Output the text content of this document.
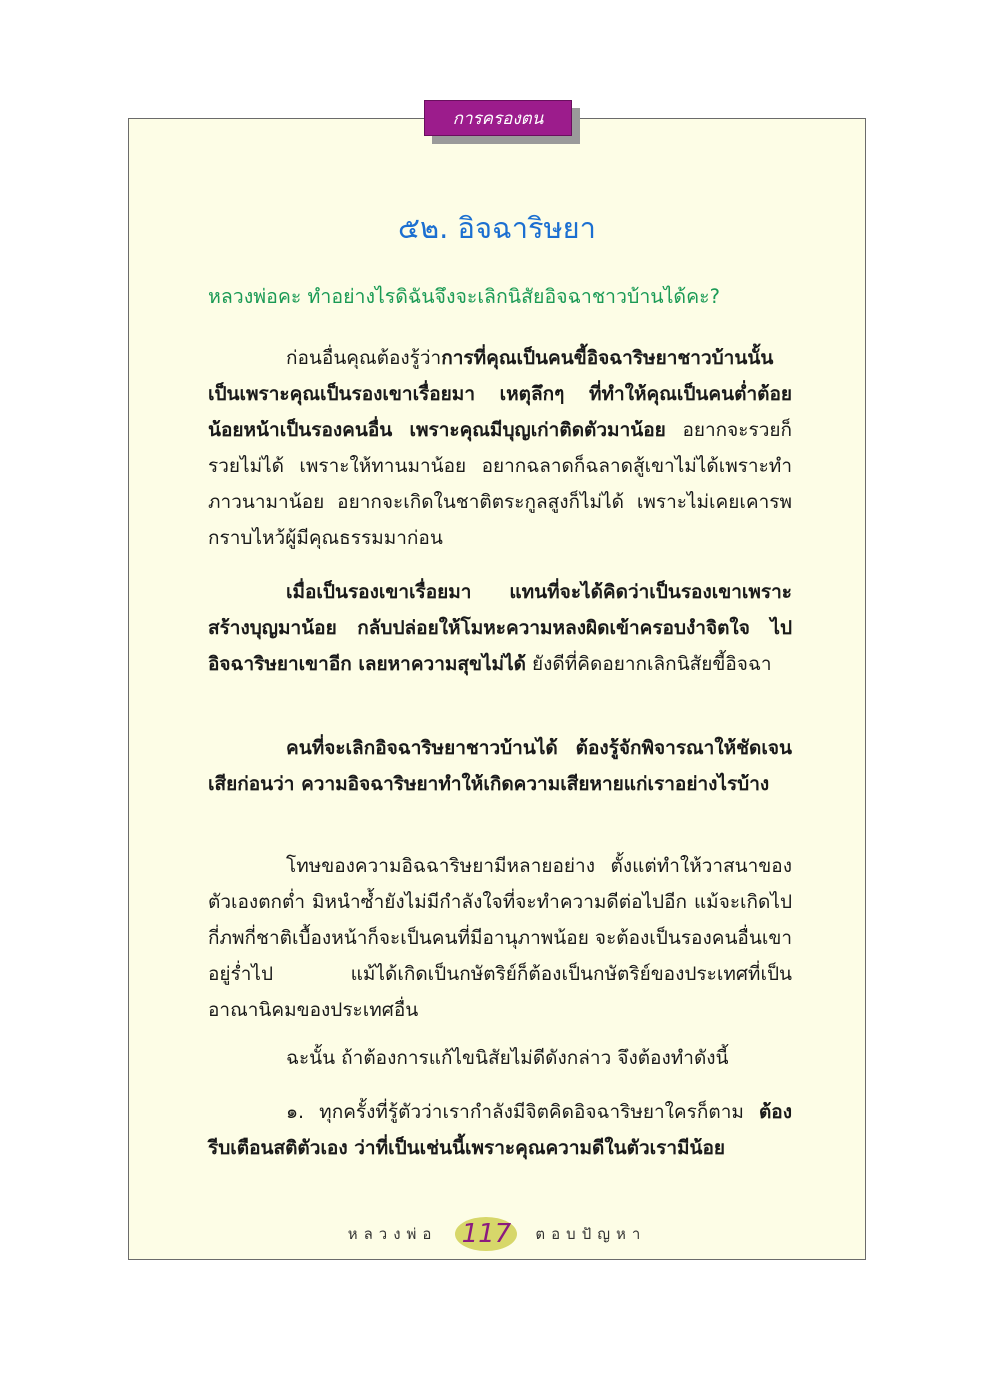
การครองตน
๕๒. อิจฉาริษยา
หลวงพ่อคะ ทำอย่างไรดิฉันจึงจะเลิกนิสัยอิจฉาชาวบ้านได้คะ?

ก่อนอื่นคุณต้องรู้ว่าการที่คุณเป็นคนขี้อิจฉาริษยาชาวบ้านนั้น เป็นเพราะคุณเป็นรองเขาเรื่อยมา เหตุลึกๆ ที่ทำให้คุณเป็นคนต่ำต้อย น้อยหน้าเป็นรองคนอื่น เพราะคุณมีบุญเก่าติดตัวมาน้อย อยากจะรวยก็รวยไม่ได้ เพราะให้ทานมาน้อย อยากฉลาดก็ฉลาดสู้เขาไม่ได้เพราะทำภาวนามาน้อย อยากจะเกิดในชาติตระกูลสูงก็ไม่ได้ เพราะไม่เคยเคารพกราบไหว้ผู้มีคุณธรรมมาก่อน

เมื่อเป็นรองเขาเรื่อยมา แทนที่จะได้คิดว่าเป็นรองเขาเพราะสร้างบุญมาน้อย กลับปล่อยให้โมหะความหลงผิดเข้าครอบงำจิตใจ ไปอิจฉาริษยาเขาอีก เลยหาความสุขไม่ได้ ยังดีที่คิดอยากเลิกนิสัยขี้อิจฉา

คนที่จะเลิกอิจฉาริษยาชาวบ้านได้ ต้องรู้จักพิจารณาให้ชัดเจนเสียก่อนว่า ความอิจฉาริษยาทำให้เกิดความเสียหายแก่เราอย่างไรบ้าง

โทษของความอิฉฉาริษยามีหลายอย่าง ตั้งแต่ทำให้วาสนาของตัวเองตกต่ำ มิหนำซ้ำยังไม่มีกำลังใจที่จะทำความดีต่อไปอีก แม้จะเกิดไปกี่ภพกี่ชาติเบื้องหน้าก็จะเป็นคนที่มีอานุภาพน้อย จะต้องเป็นรองคนอื่นเขาอยู่ร่ำไป แม้ได้เกิดเป็นกษัตริย์ก็ต้องเป็นกษัตริย์ของประเทศที่เป็นอาณานิคมของประเทศอื่น

ฉะนั้น ถ้าต้องการแก้ไขนิสัยไม่ดีดังกล่าว จึงต้องทำดังนี้

๑. ทุกครั้งที่รู้ตัวว่าเรากำลังมีจิตคิดอิจฉาริษยาใครก็ตาม ต้องรีบเตือนสติตัวเอง ว่าที่เป็นเช่นนี้เพราะคุณความดีในตัวเรามีน้อย

หลวงพ่อ 117 ตอบปัญหา
